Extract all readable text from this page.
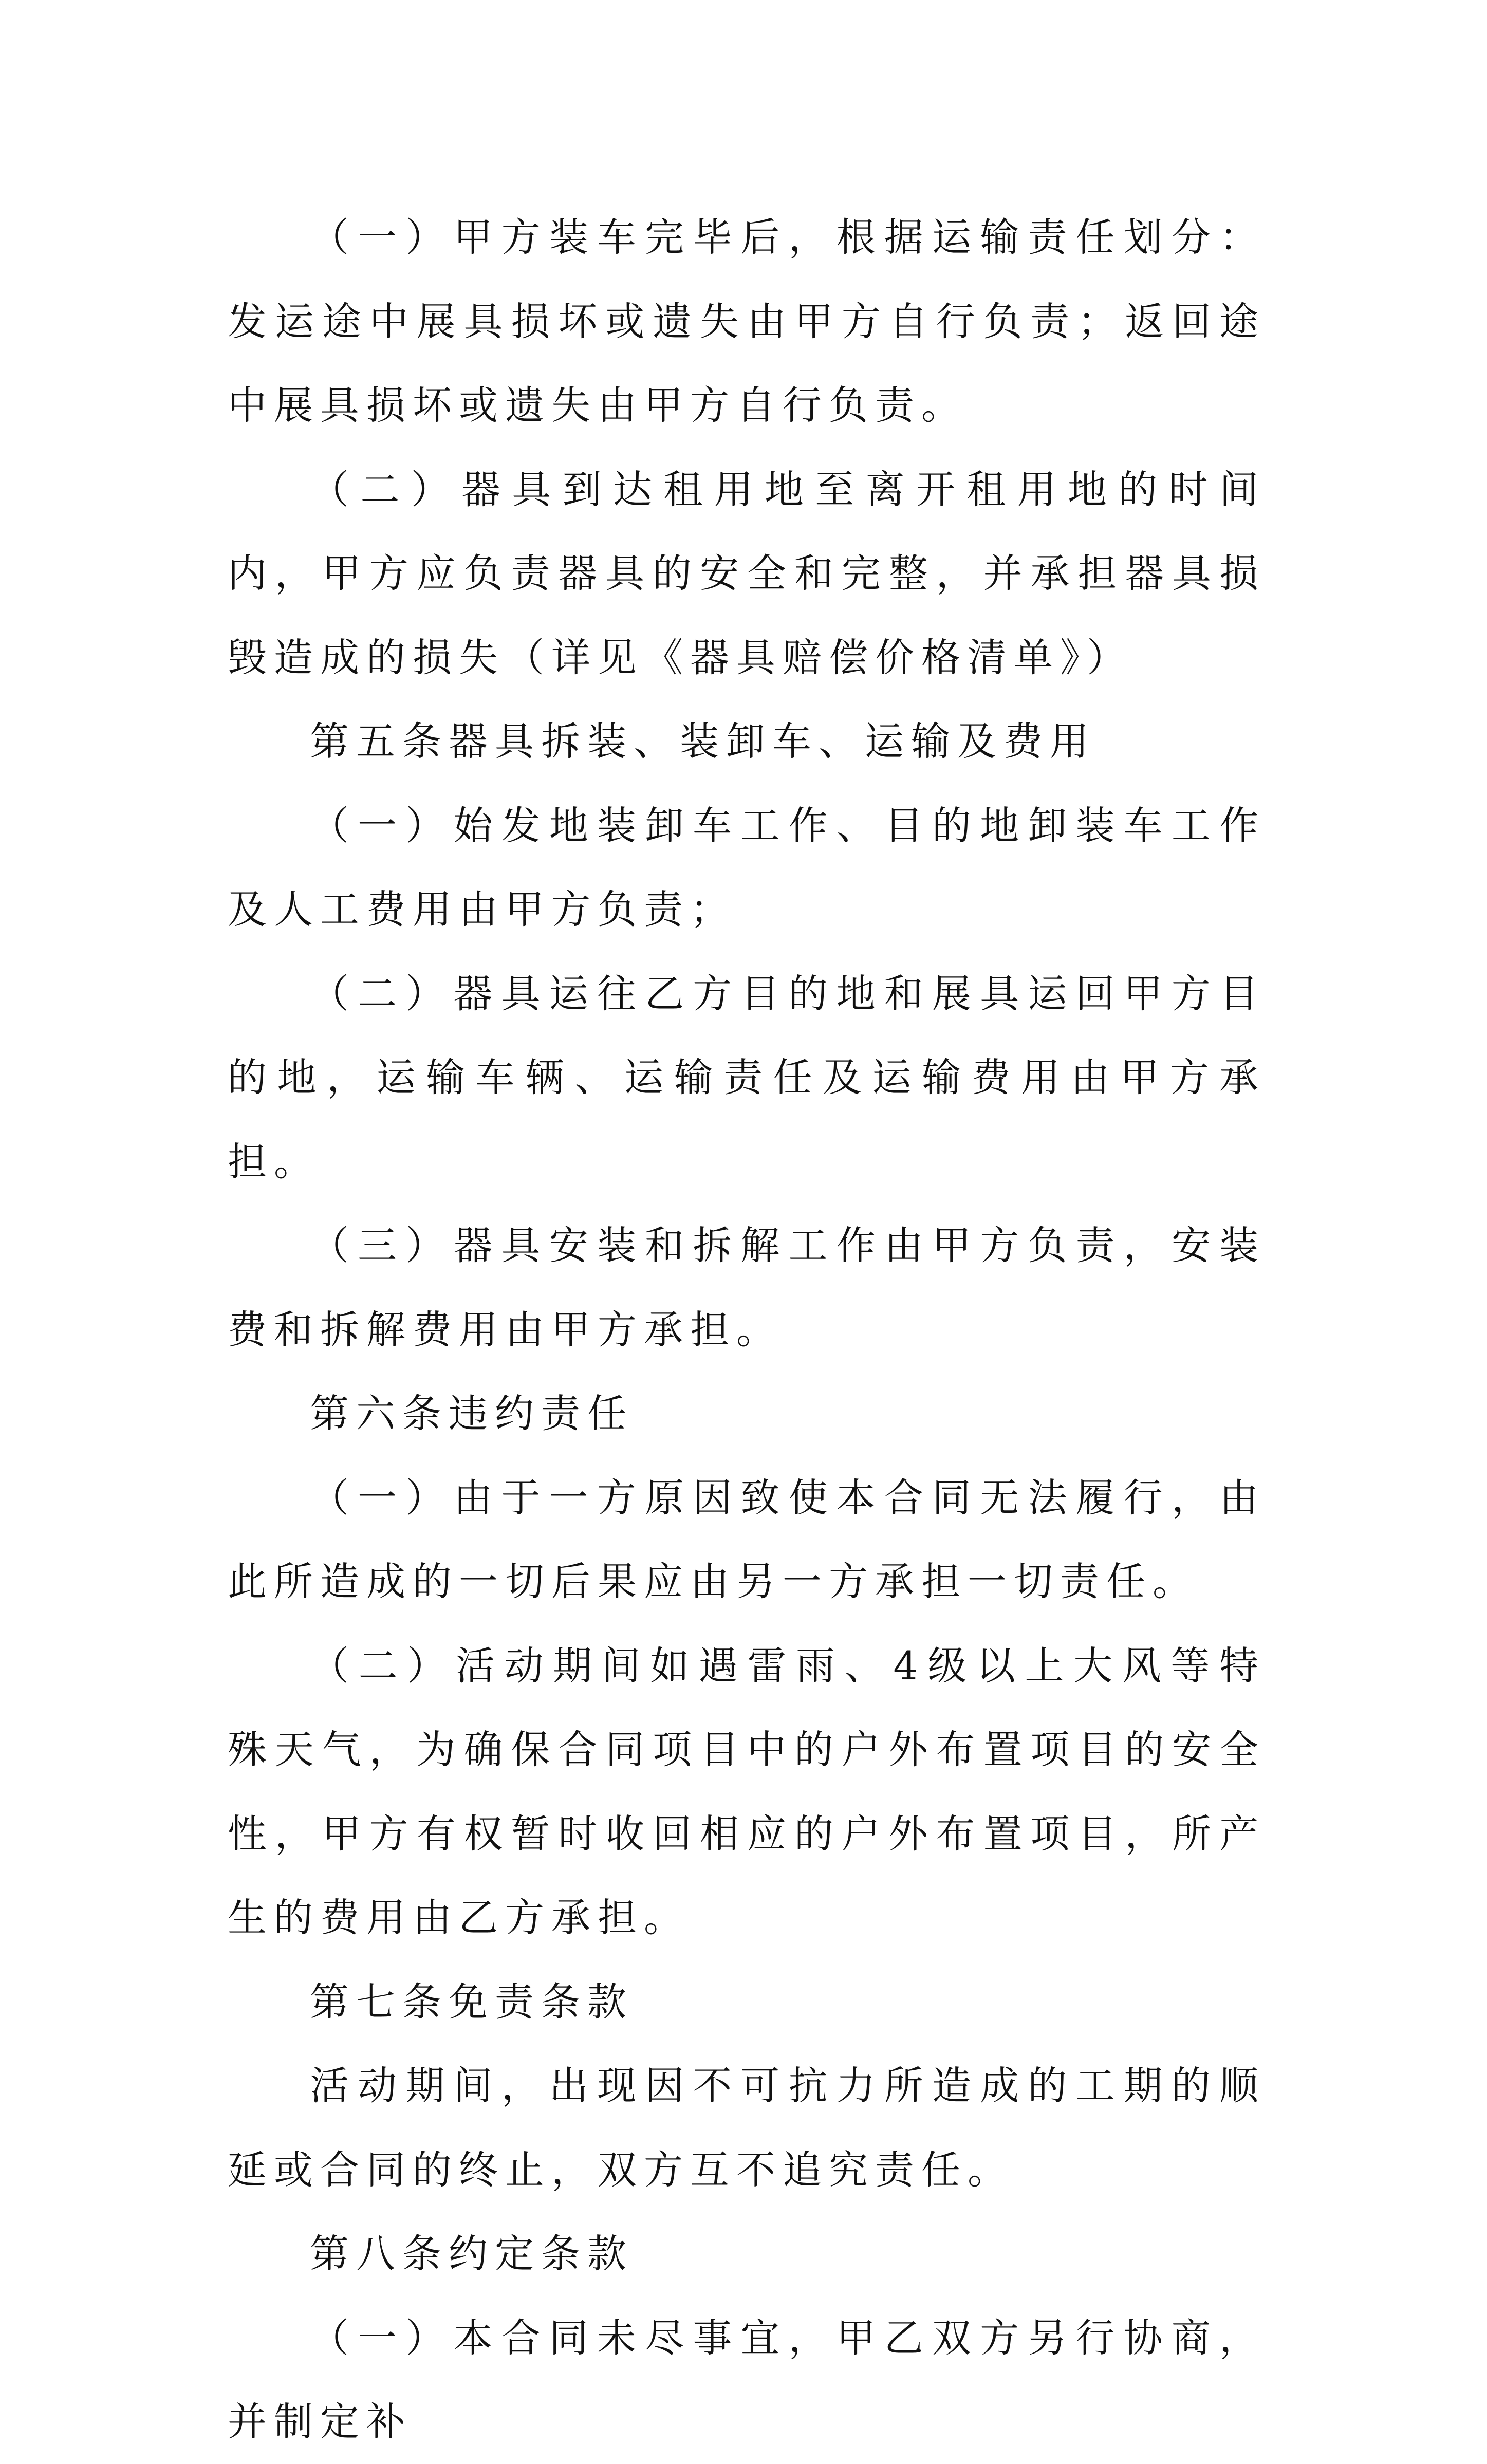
（一）甲方装车完毕后，根据运输责任划分：发运途中展具损坏或遗失由甲方自行负责；返回途中展具损坏或遗失由甲方自行负责。

（二）器具到达租用地至离开租用地的时间内，甲方应负责器具的安全和完整，并承担器具损毁造成的损失（详见《器具赔偿价格清单》）

第五条器具拆装、装卸车、运输及费用

（一）始发地装卸车工作、目的地卸装车工作及人工费用由甲方负责；

（二）器具运往乙方目的地和展具运回甲方目的地，运输车辆、运输责任及运输费用由甲方承担。

（三）器具安装和拆解工作由甲方负责，安装费和拆解费用由甲方承担。

第六条违约责任

（一）由于一方原因致使本合同无法履行，由此所造成的一切后果应由另一方承担一切责任。

（二）活动期间如遇雷雨、4级以上大风等特殊天气，为确保合同项目中的户外布置项目的安全性，甲方有权暂时收回相应的户外布置项目，所产生的费用由乙方承担。

第七条免责条款

活动期间，出现因不可抗力所造成的工期的顺延或合同的终止，双方互不追究责任。

第八条约定条款

（一）本合同未尽事宜，甲乙双方另行协商，并制定补
